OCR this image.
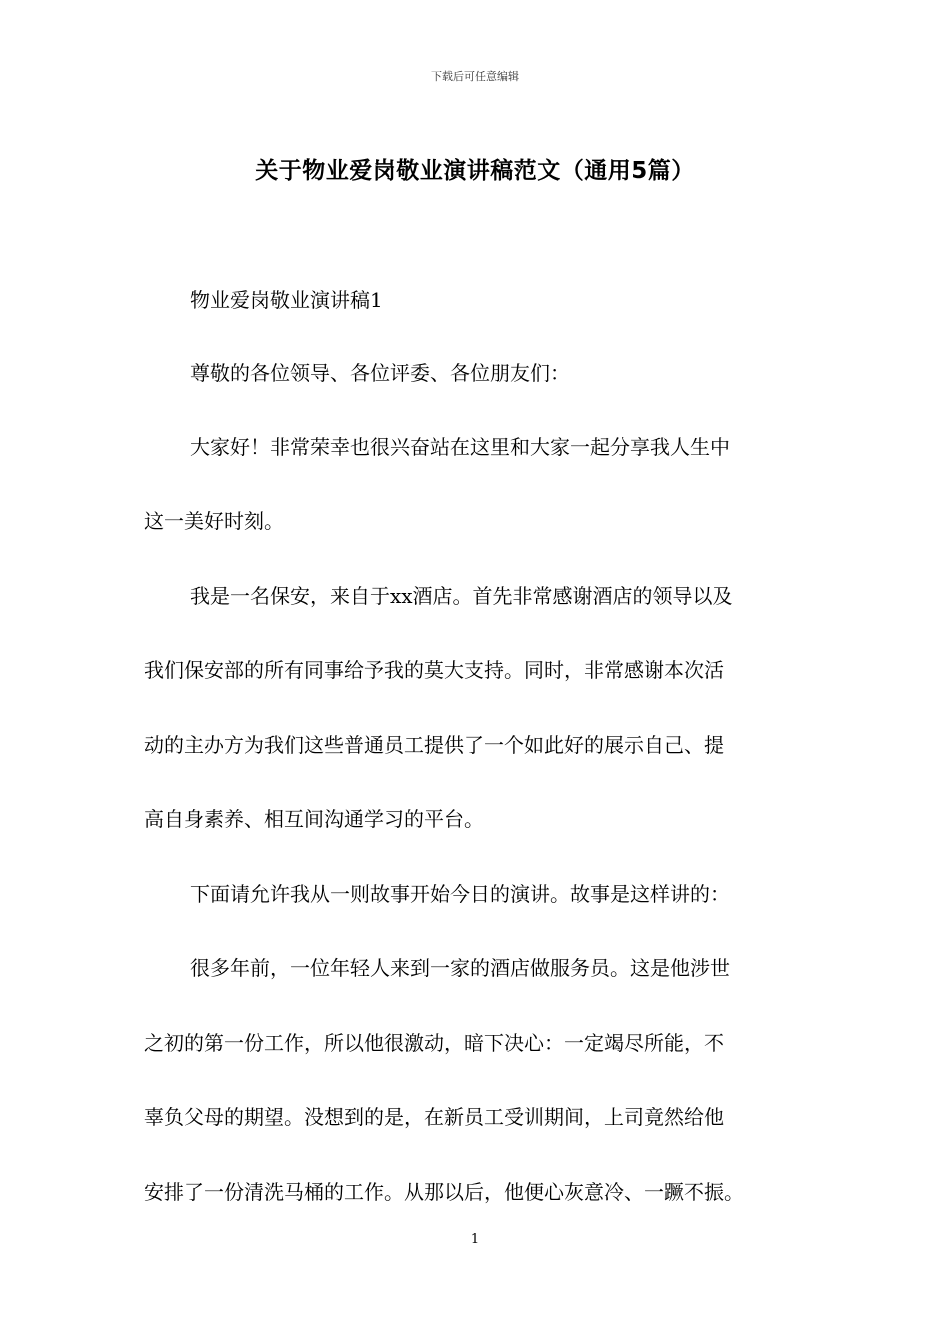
下载后可任意编辑
关于物业爱岗敬业演讲稿范文（通用5篇）
物业爱岗敬业演讲稿1
尊敬的各位领导、各位评委、各位朋友们：
大家好！非常荣幸也很兴奋站在这里和大家一起分享我人生中
这一美好时刻。
我是一名保安，来自于xx酒店。首先非常感谢酒店的领导以及
我们保安部的所有同事给予我的莫大支持。同时，非常感谢本次活
动的主办方为我们这些普通员工提供了一个如此好的展示自己、提
高自身素养、相互间沟通学习的平台。
下面请允许我从一则故事开始今日的演讲。故事是这样讲的：
很多年前，一位年轻人来到一家的酒店做服务员。这是他涉世
之初的第一份工作，所以他很激动，暗下决心：一定竭尽所能，不
辜负父母的期望。没想到的是，在新员工受训期间，上司竟然给他
安排了一份清洗马桶的工作。从那以后，他便心灰意冷、一蹶不振。
1
